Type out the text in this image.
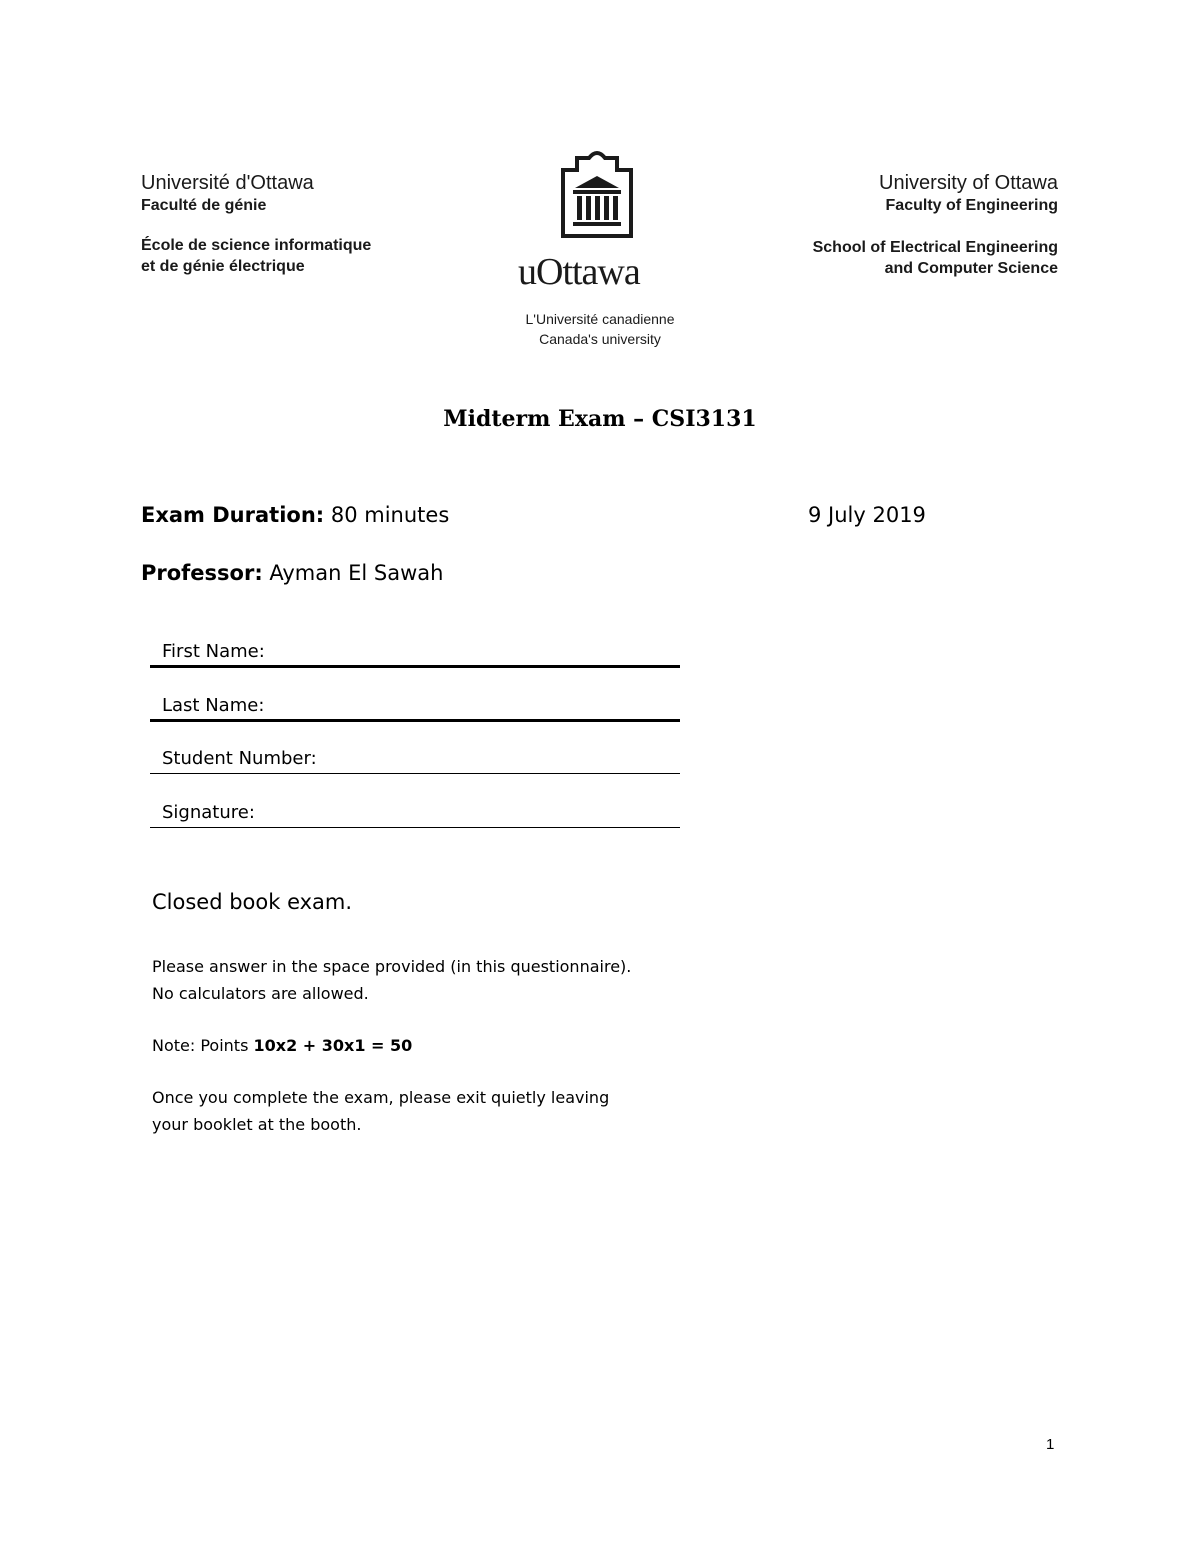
Université d'Ottawa
Faculté de génie
École de science informatique
et de génie électrique
University of Ottawa
Faculty of Engineering
School of Electrical Engineering
and Computer Science
uOttawa
L'Université canadienne
Canada's university
Midterm Exam – CSI3131
Exam Duration: 80 minutes	9 July 2019
Professor: Ayman El Sawah
First Name:
Last Name:
Student Number:
Signature:
Closed book exam.
Please answer in the space provided (in this questionnaire).
No calculators are allowed.
Note: Points 10x2 + 30x1 = 50
Once you complete the exam, please exit quietly leaving
your booklet at the booth.
1
